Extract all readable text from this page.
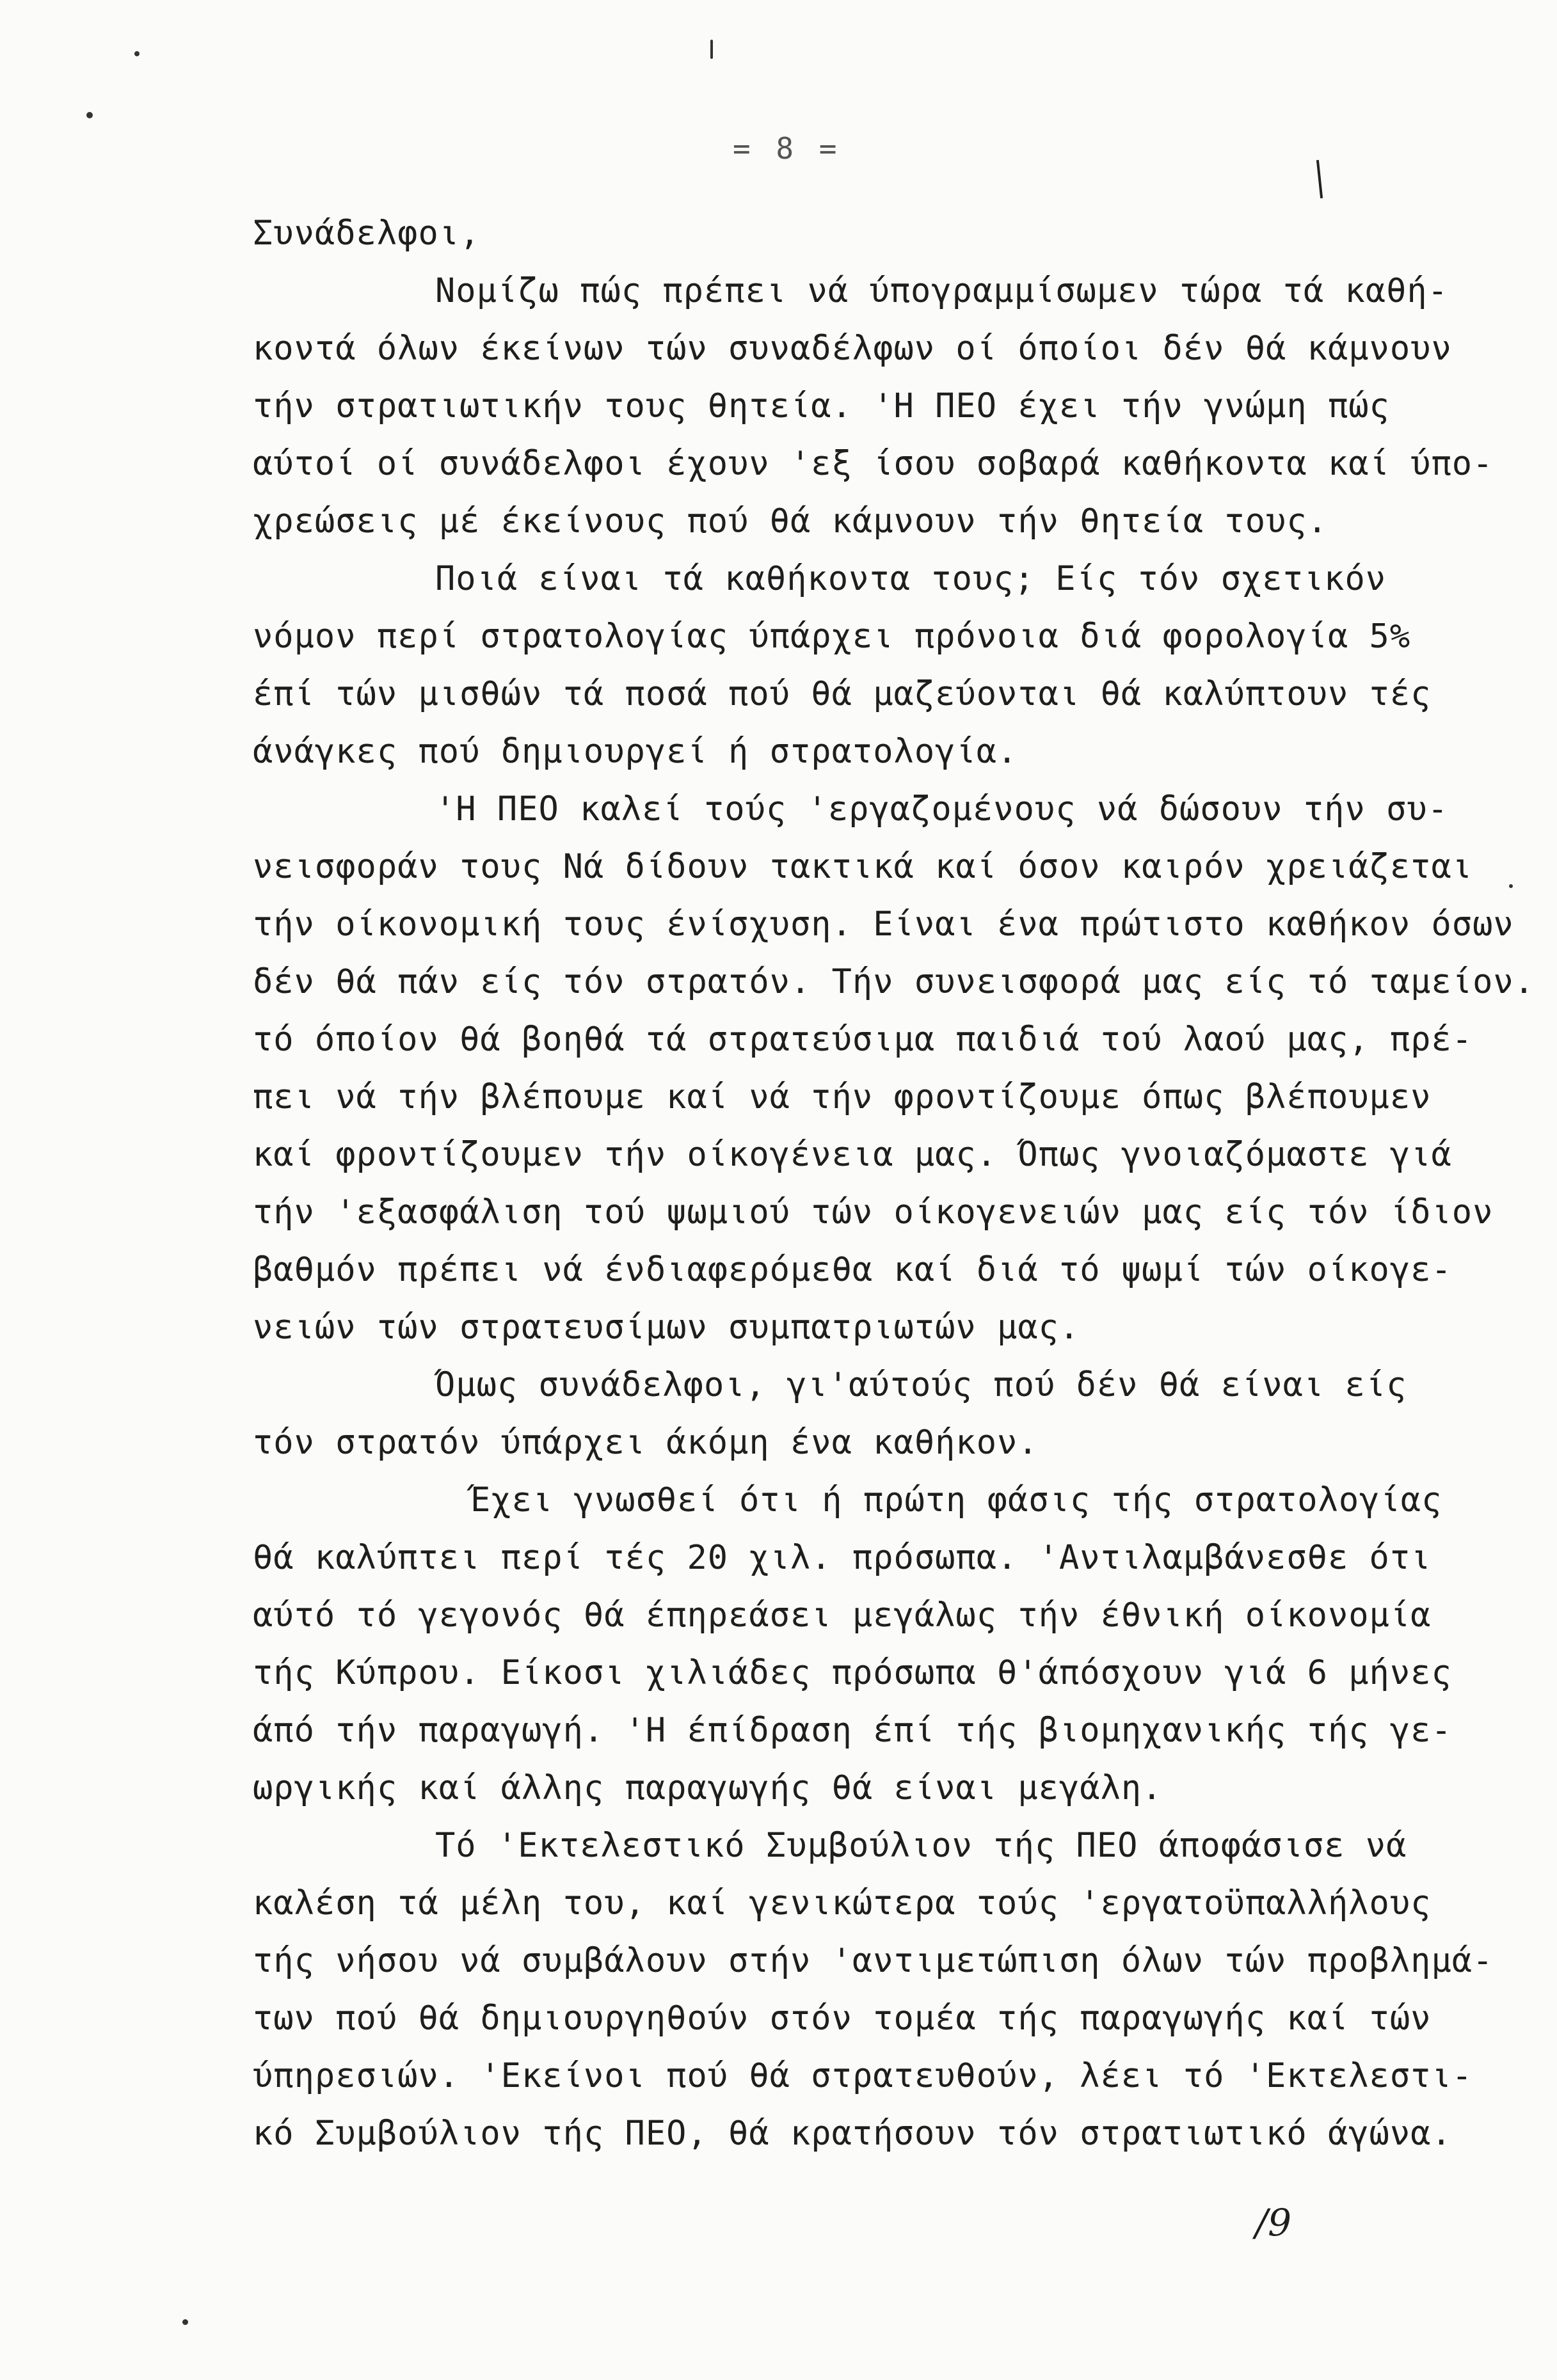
= 8 =
Συνάδελφοι,
Νομίζω πώς πρέπει νά ύπογραμμίσωμεν τώρα τά καθή-
κοντά όλων έκείνων τών συναδέλφων οί όποίοι δέν θά κάμνουν
τήν στρατιωτικήν τους θητεία. 'Η ΠΕΟ έχει τήν γνώμη πώς
αύτοί οί συνάδελφοι έχουν 'εξ ίσου σοβαρά καθήκοντα καί ύπο-
χρεώσεις μέ έκείνους πού θά κάμνουν τήν θητεία τους.
Ποιά είναι τά καθήκοντα τους; Είς τόν σχετικόν
νόμον περί στρατολογίας ύπάρχει πρόνοια διά φορολογία 5%
έπί τών μισθών τά ποσά πού θά μαζεύονται θά καλύπτουν τές
άνάγκες πού δημιουργεί ή στρατολογία.
'Η ΠΕΟ καλεί τούς 'εργαζομένους νά δώσουν τήν συ-
νεισφοράν τους Νά δίδουν τακτικά καί όσον καιρόν χρειάζεται
τήν οίκονομική τους ένίσχυση. Είναι ένα πρώτιστο καθήκον όσων
δέν θά πάν είς τόν στρατόν. Τήν συνεισφορά μας είς τό ταμείον.
τό όποίον θά βοηθά τά στρατεύσιμα παιδιά τού λαού μας, πρέ-
πει νά τήν βλέπουμε καί νά τήν φροντίζουμε όπως βλέπουμεν
καί φροντίζουμεν τήν οίκογένεια μας. Όπως γνοιαζόμαστε γιά
τήν 'εξασφάλιση τού ψωμιού τών οίκογενειών μας είς τόν ίδιον
βαθμόν πρέπει νά ένδιαφερόμεθα καί διά τό ψωμί τών οίκογε-
νειών τών στρατευσίμων συμπατριωτών μας.
Όμως συνάδελφοι, γι'αύτούς πού δέν θά είναι είς
τόν στρατόν ύπάρχει άκόμη ένα καθήκον.
Έχει γνωσθεί ότι ή πρώτη φάσις τής στρατολογίας
θά καλύπτει περί τές 20 χιλ. πρόσωπα. 'Αντιλαμβάνεσθε ότι
αύτό τό γεγονός θά έπηρεάσει μεγάλως τήν έθνική οίκονομία
τής Κύπρου. Είκοσι χιλιάδες πρόσωπα θ'άπόσχουν γιά 6 μήνες
άπό τήν παραγωγή. 'Η έπίδραση έπί τής βιομηχανικής τής γε-
ωργικής καί άλλης παραγωγής θά είναι μεγάλη.
Τό 'Εκτελεστικό Συμβούλιον τής ΠΕΟ άποφάσισε νά
καλέση τά μέλη του, καί γενικώτερα τούς 'εργατοϋπαλλήλους
τής νήσου νά συμβάλουν στήν 'αντιμετώπιση όλων τών προβλημά-
των πού θά δημιουργηθούν στόν τομέα τής παραγωγής καί τών
ύπηρεσιών. 'Εκείνοι πού θά στρατευθούν, λέει τό 'Εκτελεστι-
κό Συμβούλιον τής ΠΕΟ, θά κρατήσουν τόν στρατιωτικό άγώνα.
/9
